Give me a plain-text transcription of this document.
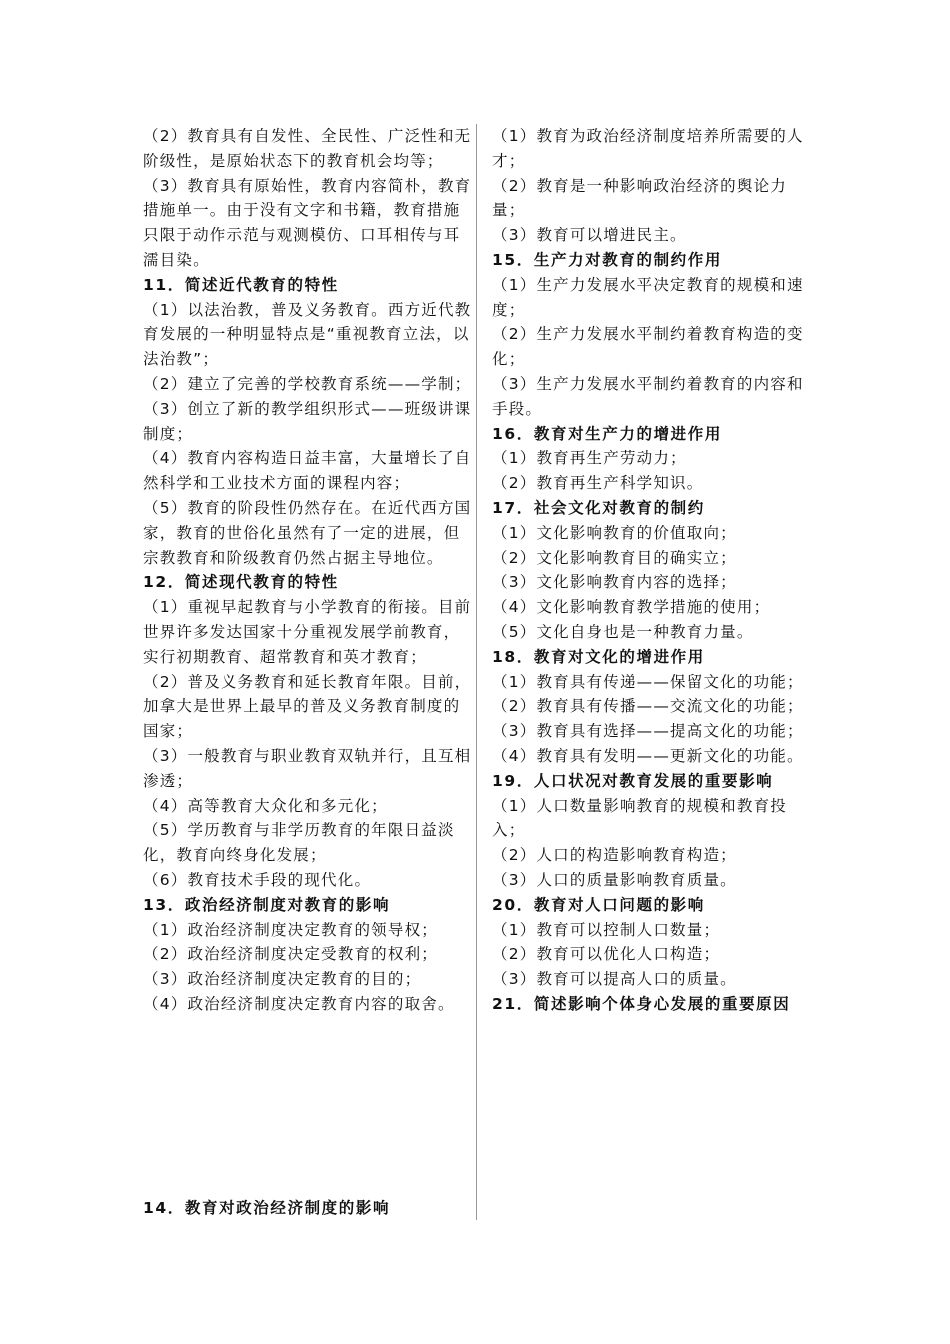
（2）教育具有自发性、全民性、广泛性和无阶级性，是原始状态下的教育机会均等；
（3）教育具有原始性，教育内容简朴，教育措施单一。由于没有文字和书籍，教育措施只限于动作示范与观测模仿、口耳相传与耳濡目染。
11．简述近代教育的特性
（1）以法治教，普及义务教育。西方近代教育发展的一种明显特点是“重视教育立法，以法治教”；
（2）建立了完善的学校教育系统——学制；
（3）创立了新的教学组织形式——班级讲课制度；
（4）教育内容构造日益丰富，大量增长了自然科学和工业技术方面的课程内容；
（5）教育的阶段性仍然存在。在近代西方国家，教育的世俗化虽然有了一定的进展，但宗教教育和阶级教育仍然占据主导地位。
12．简述现代教育的特性
（1）重视早起教育与小学教育的衔接。目前世界许多发达国家十分重视发展学前教育，实行初期教育、超常教育和英才教育；
（2）普及义务教育和延长教育年限。目前，加拿大是世界上最早的普及义务教育制度的国家；
（3）一般教育与职业教育双轨并行，且互相渗透；
（4）高等教育大众化和多元化；
（5）学历教育与非学历教育的年限日益淡化，教育向终身化发展；
（6）教育技术手段的现代化。
13．政治经济制度对教育的影响
（1）政治经济制度决定教育的领导权；
（2）政治经济制度决定受教育的权利；
（3）政治经济制度决定教育的目的；
（4）政治经济制度决定教育内容的取舍。
（1）教育为政治经济制度培养所需要的人才；
（2）教育是一种影响政治经济的舆论力量；
（3）教育可以增进民主。
15．生产力对教育的制约作用
（1）生产力发展水平决定教育的规模和速度；
（2）生产力发展水平制约着教育构造的变化；
（3）生产力发展水平制约着教育的内容和手段。
16．教育对生产力的增进作用
（1）教育再生产劳动力；
（2）教育再生产科学知识。
17．社会文化对教育的制约
（1）文化影响教育的价值取向；
（2）文化影响教育目的确实立；
（3）文化影响教育内容的选择；
（4）文化影响教育教学措施的使用；
（5）文化自身也是一种教育力量。
18．教育对文化的增进作用
（1）教育具有传递——保留文化的功能；
（2）教育具有传播——交流文化的功能；
（3）教育具有选择——提高文化的功能；
（4）教育具有发明——更新文化的功能。
19．人口状况对教育发展的重要影响
（1）人口数量影响教育的规模和教育投入；
（2）人口的构造影响教育构造；
（3）人口的质量影响教育质量。
20．教育对人口问题的影响
（1）教育可以控制人口数量；
（2）教育可以优化人口构造；
（3）教育可以提高人口的质量。
21．简述影响个体身心发展的重要原因
14．教育对政治经济制度的影响
